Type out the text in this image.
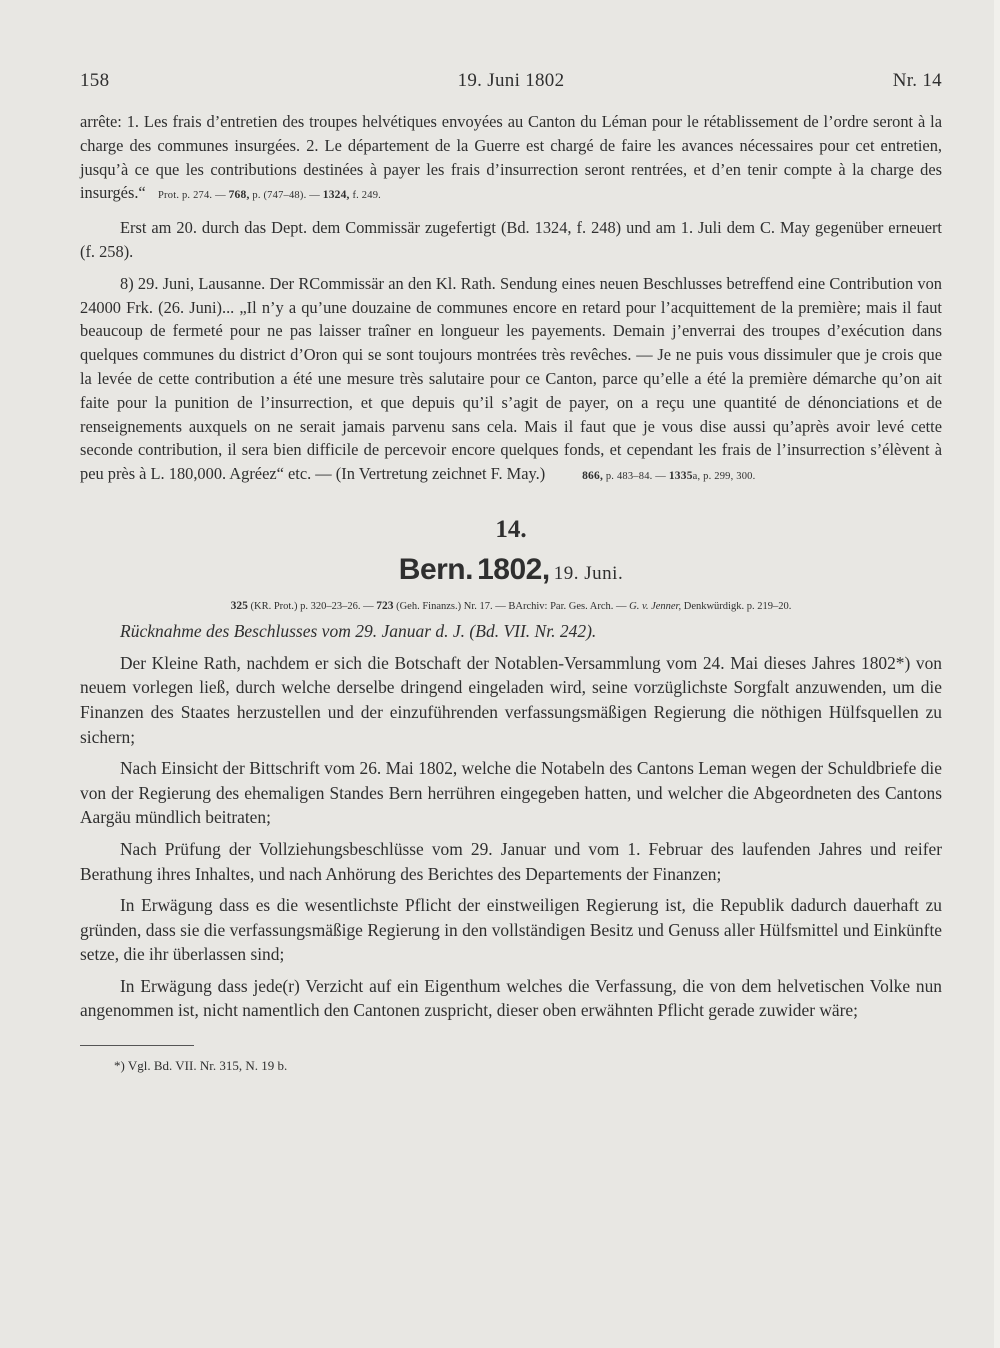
158	19. Juni 1802	Nr. 14

arrête: 1. Les frais d’entretien des troupes helvétiques envoyées au Canton du Léman pour le rétablissement de l’ordre seront à la charge des communes insurgées. 2. Le département de la Guerre est chargé de faire les avances nécessaires pour cet entretien, jusqu’à ce que les contributions destinées à payer les frais d’insurrection seront rentrées, et d’en tenir compte à la charge des insurgés.“ Prot. p. 274. — 768, p. (747–48). — 1324, f. 249.

Erst am 20. durch das Dept. dem Commissär zugefertigt (Bd. 1324, f. 248) und am 1. Juli dem C. May gegenüber erneuert (f. 258).

8) 29. Juni, Lausanne. Der RCommissär an den Kl. Rath. Sendung eines neuen Beschlusses betreffend eine Contribution von 24000 Frk. (26. Juni)... „Il n’y a qu’une douzaine de communes encore en retard pour l’acquittement de la première; mais il faut beaucoup de fermeté pour ne pas laisser traîner en longueur les payements. Demain j’enverrai des troupes d’exécution dans quelques communes du district d’Oron qui se sont toujours montrées très revêches. — Je ne puis vous dissimuler que je crois que la levée de cette contribution a été une mesure très salutaire pour ce Canton, parce qu’elle a été la première démarche qu’on ait faite pour la punition de l’insurrection, et que depuis qu’il s’agit de payer, on a reçu une quantité de dénonciations et de renseignements auxquels on ne serait jamais parvenu sans cela. Mais il faut que je vous dise aussi qu’après avoir levé cette seconde contribution, il sera bien difficile de percevoir encore quelques fonds, et cependant les frais de l’insurrection s’élèvent à peu près à L. 180,000. Agréez“ etc. — (In Vertretung zeichnet F. May.)	866, p. 483–84. — 1335a, p. 299, 300.

14.

Bern. 1802, 19. Juni.

325 (KR. Prot.) p. 320–23–26. — 723 (Geh. Finanzs.) Nr. 17. — BArchiv: Par. Ges. Arch. — G. v. Jenner, Denkwürdigk. p. 219–20.

Rücknahme des Beschlusses vom 29. Januar d. J. (Bd. VII. Nr. 242).

Der Kleine Rath, nachdem er sich die Botschaft der Notablen-Versammlung vom 24. Mai dieses Jahres 1802*) von neuem vorlegen ließ, durch welche derselbe dringend eingeladen wird, seine vorzüglichste Sorgfalt anzuwenden, um die Finanzen des Staates herzustellen und der einzuführenden verfassungsmäßigen Regierung die nöthigen Hülfsquellen zu sichern;

Nach Einsicht der Bittschrift vom 26. Mai 1802, welche die Notabeln des Cantons Leman wegen der Schuldbriefe die von der Regierung des ehemaligen Standes Bern herrühren eingegeben hatten, und welcher die Abgeordneten des Cantons Aargäu mündlich beitraten;

Nach Prüfung der Vollziehungsbeschlüsse vom 29. Januar und vom 1. Februar des laufenden Jahres und reifer Berathung ihres Inhaltes, und nach Anhörung des Berichtes des Departements der Finanzen;

In Erwägung dass es die wesentlichste Pflicht der einstweiligen Regierung ist, die Republik dadurch dauerhaft zu gründen, dass sie die verfassungsmäßige Regierung in den vollständigen Besitz und Genuss aller Hülfsmittel und Einkünfte setze, die ihr überlassen sind;

In Erwägung dass jede(r) Verzicht auf ein Eigenthum welches die Verfassung, die von dem helvetischen Volke nun angenommen ist, nicht namentlich den Cantonen zuspricht, dieser oben erwähnten Pflicht gerade zuwider wäre;

*) Vgl. Bd. VII. Nr. 315, N. 19 b.
